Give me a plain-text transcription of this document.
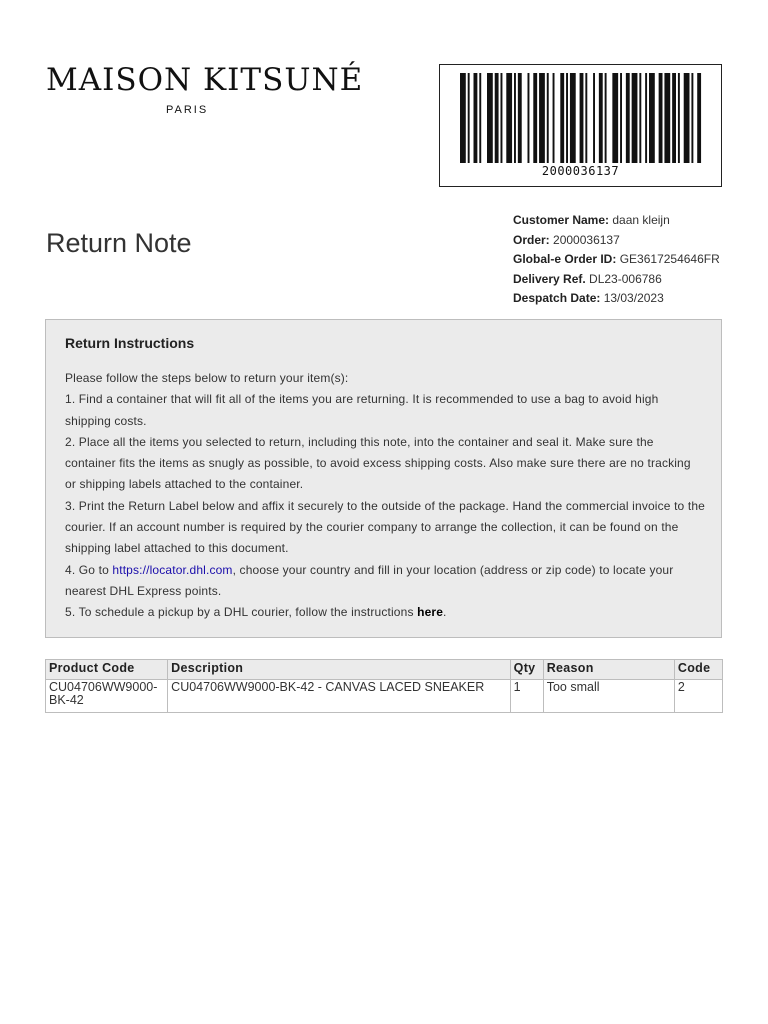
MAISON KITSUNÉ
PARIS
2000036137
Return Note
Customer Name: daan kleijn
Order: 2000036137
Global-e Order ID: GE3617254646FR
Delivery Ref. DL23-006786
Despatch Date: 13/03/2023
Return Instructions

Please follow the steps below to return your item(s):

1. Find a container that will fit all of the items you are returning. It is recommended to use a bag to avoid high shipping costs.

2. Place all the items you selected to return, including this note, into the container and seal it. Make sure the container fits the items as snugly as possible, to avoid excess shipping costs. Also make sure there are no tracking or shipping labels attached to the container.

3. Print the Return Label below and affix it securely to the outside of the package. Hand the commercial invoice to the courier. If an account number is required by the courier company to arrange the collection, it can be found on the shipping label attached to this document.

4. Go to https://locator.dhl.com, choose your country and fill in your location (address or zip code) to locate your nearest DHL Express points.

5. To schedule a pickup by a DHL courier, follow the instructions here.

Product Code	Description	Qty	Reason	Code
CU04706WW9000-BK-42	CU04706WW9000-BK-42 - CANVAS LACED SNEAKER	1	Too small	2
